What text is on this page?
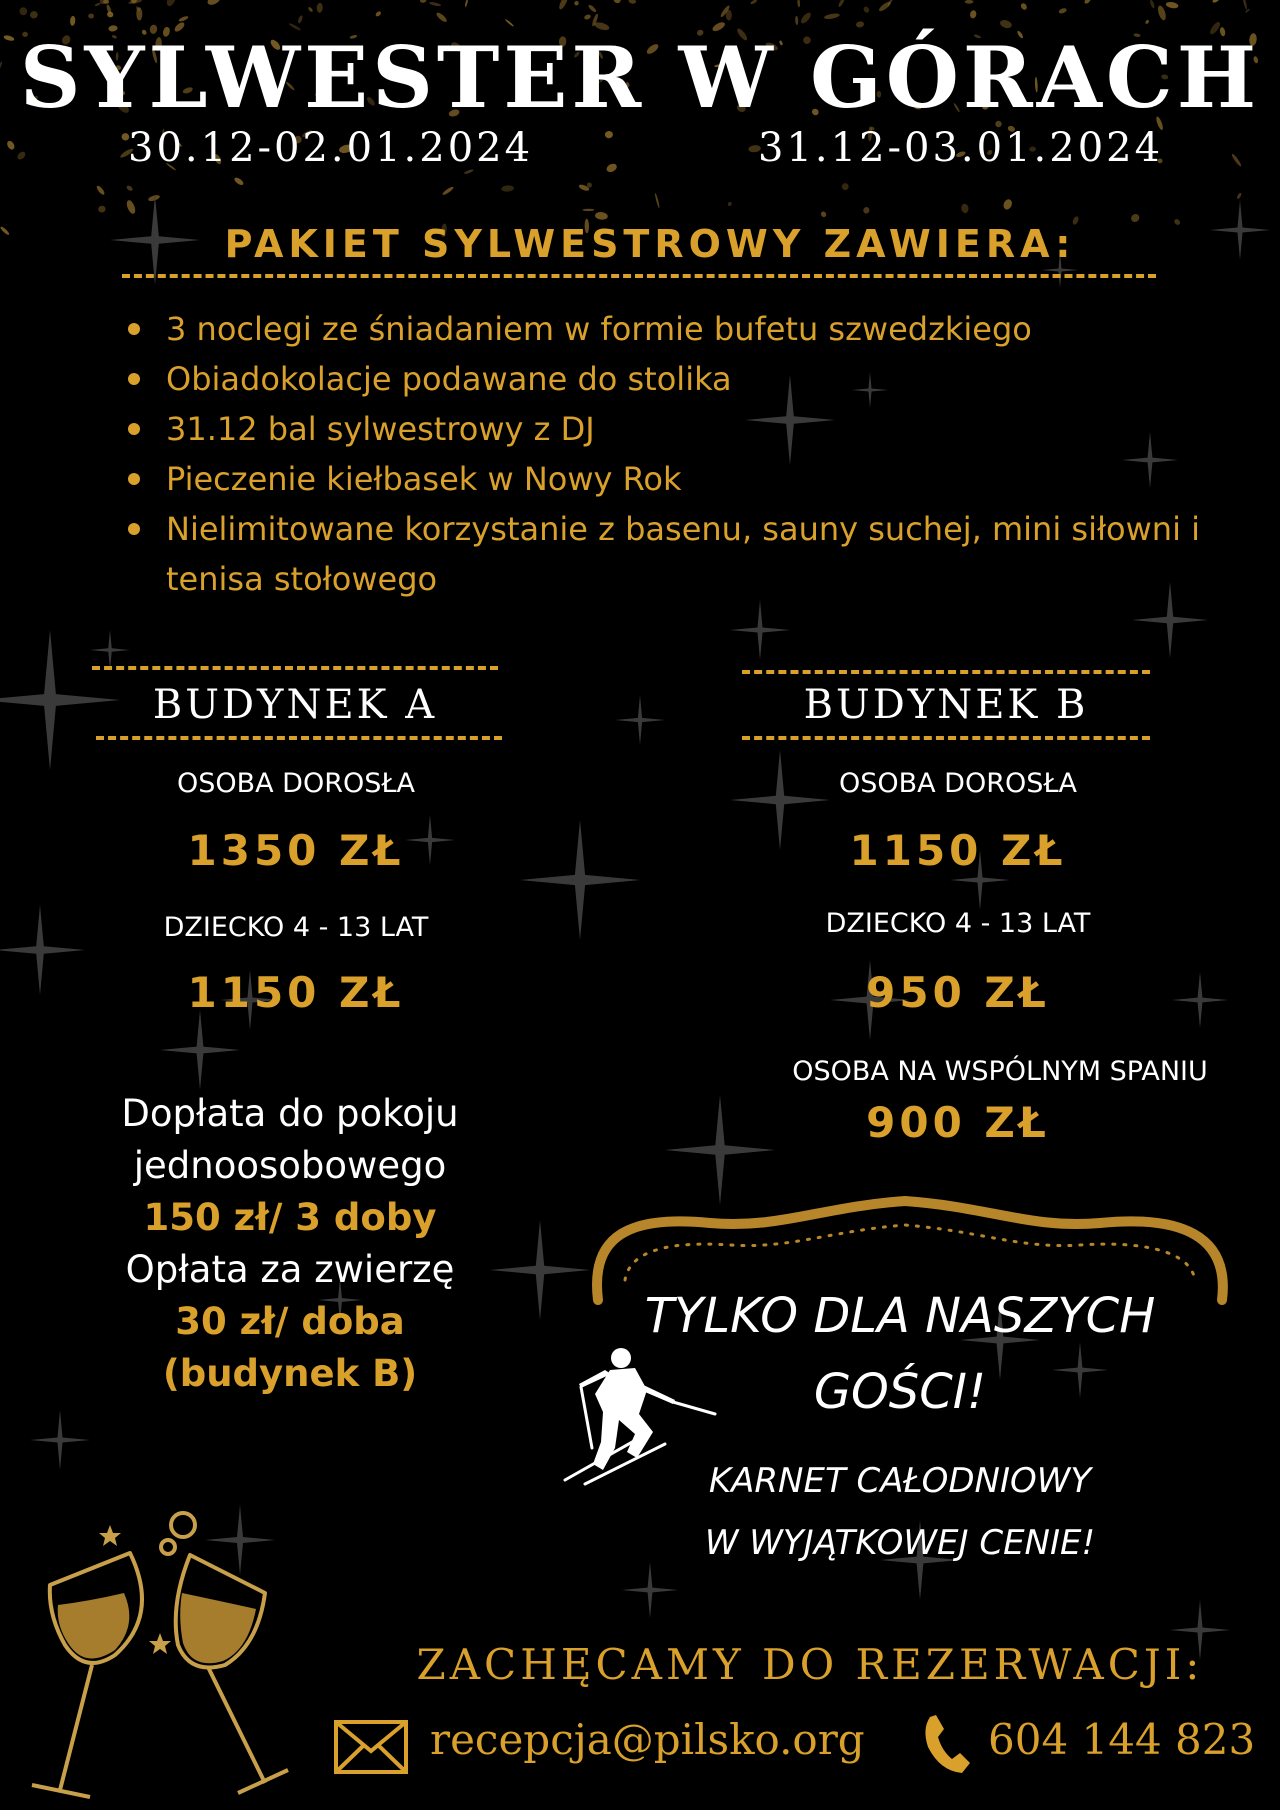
SYLWESTER W GÓRACH
30.12-02.01.2024	31.12-03.01.2024
PAKIET SYLWESTROWY ZAWIERA:
3 noclegi ze śniadaniem w formie bufetu szwedzkiego
Obiadokolacje podawane do stolika
31.12 bal sylwestrowy z DJ
Pieczenie kiełbasek w Nowy Rok
Nielimitowane korzystanie z basenu, sauny suchej, mini siłowni i tenisa stołowego
BUDYNEK A
OSOBA DOROSŁA
1350 ZŁ
DZIECKO 4 - 13 LAT
1150 ZŁ
BUDYNEK B
OSOBA DOROSŁA
1150 ZŁ
DZIECKO 4 - 13 LAT
950 ZŁ
OSOBA NA WSPÓLNYM SPANIU
900 ZŁ
Dopłata do pokoju
jednoosobowego
150 zł/ 3 doby
Opłata za zwierzę
30 zł/ doba
(budynek B)
TYLKO DLA NASZYCH
GOŚCI!
KARNET CAŁODNIOWY
W WYJĄTKOWEJ CENIE!
ZACHĘCAMY DO REZERWACJI:
recepcja@pilsko.org	604 144 823
